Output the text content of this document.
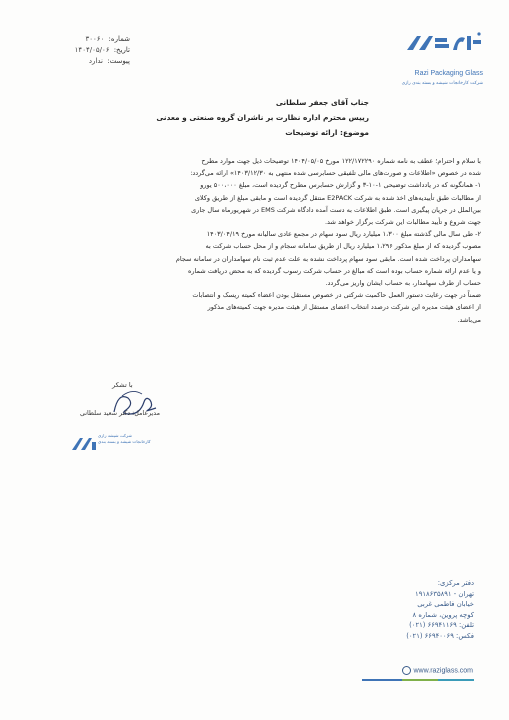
Razi Packaging Glass
شرکت کارخانجات شیشه و بسته بندی رازی
شماره: ۳۰۰۶۰
تاریخ: ۱۴۰۴/۰۵/۰۶
پیوست: ندارد
جناب آقای جعفر سلطانی
رییس محترم اداره نظارت بر ناشران گروه صنعتی و معدنی
موضوع: ارائه توضیحات

با سلام و احترام؛ عطف به نامه شماره ۱۲۲/۱۷۲۲۹۰ مورخ ۱۴۰۴/۰۵/۰۵ توضیحات ذیل جهت موارد مطرح

شده در خصوص «اطلاعات و صورت‌های مالی تلفیقی حسابرسی شده منتهی به ۱۴۰۳/۱۲/۳۰» ارائه می‌گردد:

۱- همانگونه که در یادداشت توضیحی ۱-۱۰-۳ و گزارش حسابرس مطرح گردیده است، مبلغ ۵۰۰،۰۰۰ یورو

از مطالبات طبق تأییدیه‌های اخذ شده به شرکت E2PACK منتقل گردیده است و مابقی مبلغ از طریق وکلای

بین‌الملل در جریان پیگیری است. طبق اطلاعات به دست آمده دادگاه شرکت EMS در شهریورماه سال جاری

جهت شروع و تأیید مطالبات این شرکت برگزار خواهد شد.

۲- طی سال مالی گذشته مبلغ ۱،۳۰۰ میلیارد ریال سود سهام در مجمع عادی سالیانه مورخ ۱۴۰۳/۰۴/۱۹

مصوب گردیده که از مبلغ مذکور ۱،۲۹۶ میلیارد ریال از طریق سامانه سجام و از محل حساب شرکت به

سهامداران پرداخت شده است. مابقی سود سهام پرداخت نشده به علت عدم ثبت نام سهامداران در سامانه سجام

و یا عدم ارائه شماره حساب بوده است که مبالغ در حساب شرکت رسوب گردیده که به محض دریافت شماره

حساب از طرف سهامدار، به حساب ایشان واریز می‌گردد.

ضمناً در جهت رعایت دستور العمل حاکمیت شرکتی در خصوص مستقل بودن اعضاء کمیته ریسک و انتصابات

از اعضای هیئت مدیره این شرکت درصدد انتخاب اعضای مستقل از هیئت مدیره جهت کمیته‌های مذکور

می‌باشد.

با تشکر
مدیرعامل: دکتر سعید سلطانی
شرکت شیشه رازی
کارخانجات شیشه و بسته بندی
دفتر مرکزی:
تهران - ۱۹۱۸۶۳۵۸۹۱
خیابان فاطمی غربی
کوچه پروین، شماره ۸
تلفن: ۶۶۹۴۱۱۶۹ (۰۲۱)
فکس: ۶۶۹۴۰۰۶۹ (۰۲۱)
www.raziglass.com
